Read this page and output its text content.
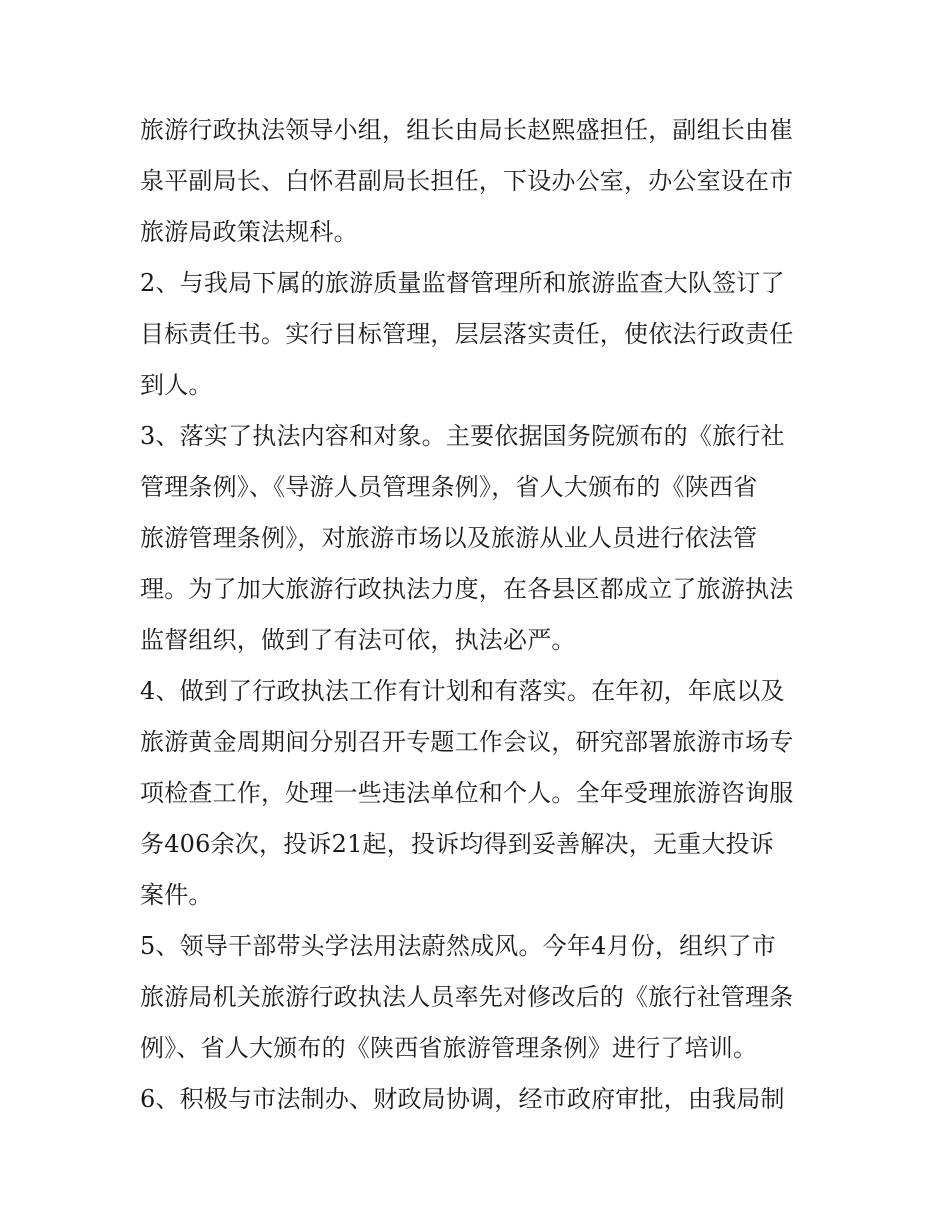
旅游行政执法领导小组，组长由局长赵熙盛担任，副组长由崔
泉平副局长、白怀君副局长担任，下设办公室，办公室设在市
旅游局政策法规科。
2、与我局下属的旅游质量监督管理所和旅游监查大队签订了
目标责任书。实行目标管理，层层落实责任，使依法行政责任
到人。
3、落实了执法内容和对象。主要依据国务院颁布的《旅行社
管理条例》、《导游人员管理条例》，省人大颁布的《陕西省
旅游管理条例》，对旅游市场以及旅游从业人员进行依法管
理。为了加大旅游行政执法力度，在各县区都成立了旅游执法
监督组织，做到了有法可依，执法必严。
4、做到了行政执法工作有计划和有落实。在年初，年底以及
旅游黄金周期间分别召开专题工作会议，研究部署旅游市场专
项检查工作，处理一些违法单位和个人。全年受理旅游咨询服
务406余次，投诉21起，投诉均得到妥善解决，无重大投诉
案件。
5、领导干部带头学法用法蔚然成风。今年4月份，组织了市
旅游局机关旅游行政执法人员率先对修改后的《旅行社管理条
例》、省人大颁布的《陕西省旅游管理条例》进行了培训。
6、积极与市法制办、财政局协调，经市政府审批，由我局制
